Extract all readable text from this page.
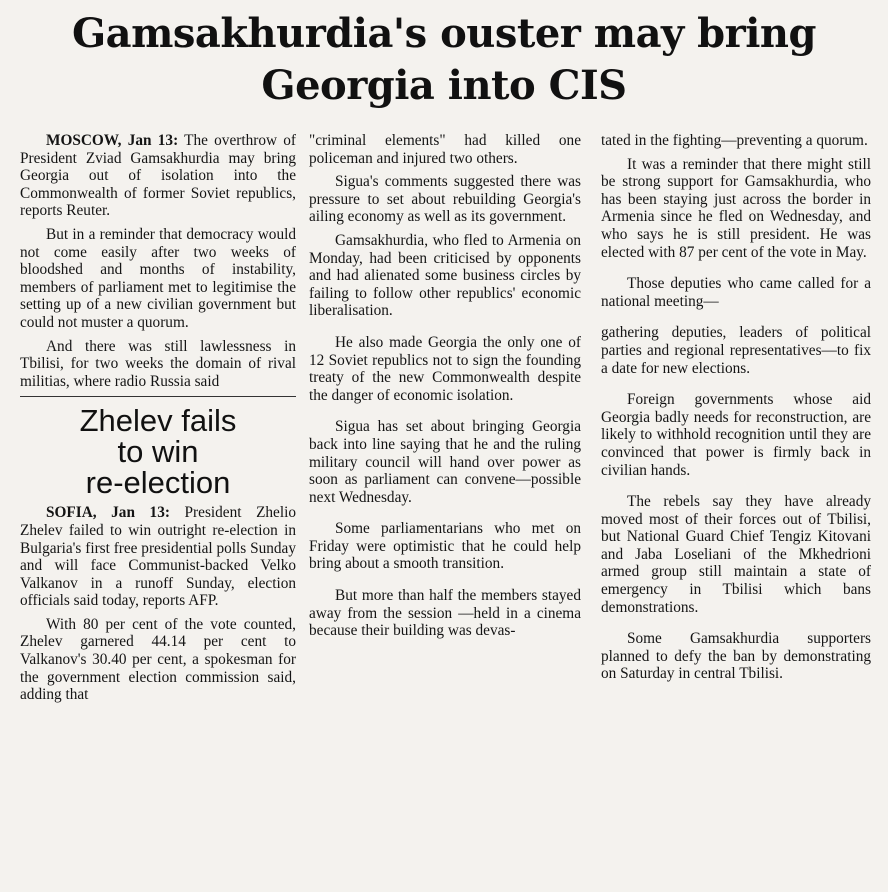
Gamsakhurdia's ouster may bring
Georgia into CIS

MOSCOW, Jan 13: The overthrow of President Zviad Gamsakhurdia may bring Georgia out of isolation into the Commonwealth of former Soviet republics, reports Reuter.

But in a reminder that democracy would not come easily after two weeks of bloodshed and months of instability, members of parliament met to legitimise the setting up of a new civilian government but could not muster a quorum.

And there was still lawlessness in Tbilisi, for two weeks the domain of rival militias, where radio Russia said

Zhelev fails
to win
re-election

SOFIA, Jan 13: President Zhelio Zhelev failed to win outright re-election in Bulgaria's first free presidential polls Sunday and will face Communist-backed Velko Valkanov in a runoff Sunday, election officials said today, reports AFP.

With 80 per cent of the vote counted, Zhelev garnered 44.14 per cent to Valkanov's 30.40 per cent, a spokesman for the government election commission said, adding that

"criminal elements" had killed one policeman and injured two others.

Sigua's comments suggested there was pressure to set about rebuilding Georgia's ailing economy as well as its government.

Gamsakhurdia, who fled to Armenia on Monday, had been criticised by opponents and had alienated some business circles by failing to follow other republics' economic liberalisation.

He also made Georgia the only one of 12 Soviet republics not to sign the founding treaty of the new Commonwealth despite the danger of economic isolation.

Sigua has set about bringing Georgia back into line saying that he and the ruling military council will hand over power as soon as parliament can convene—possible next Wednesday.

Some parliamentarians who met on Friday were optimistic that he could help bring about a smooth transition.

But more than half the members stayed away from the session —held in a cinema because their building was devas-

tated in the fighting—preventing a quorum.

It was a reminder that there might still be strong support for Gamsakhurdia, who has been staying just across the border in Armenia since he fled on Wednesday, and who says he is still president. He was elected with 87 per cent of the vote in May.

Those deputies who came called for a national meeting—

gathering deputies, leaders of political parties and regional representatives—to fix a date for new elections.

Foreign governments whose aid Georgia badly needs for reconstruction, are likely to withhold recognition until they are convinced that power is firmly back in civilian hands.

The rebels say they have already moved most of their forces out of Tbilisi, but National Guard Chief Tengiz Kitovani and Jaba Loseliani of the Mkhedrioni armed group still maintain a state of emergency in Tbilisi which bans demonstrations.

Some Gamsakhurdia supporters planned to defy the ban by demonstrating on Saturday in central Tbilisi.
